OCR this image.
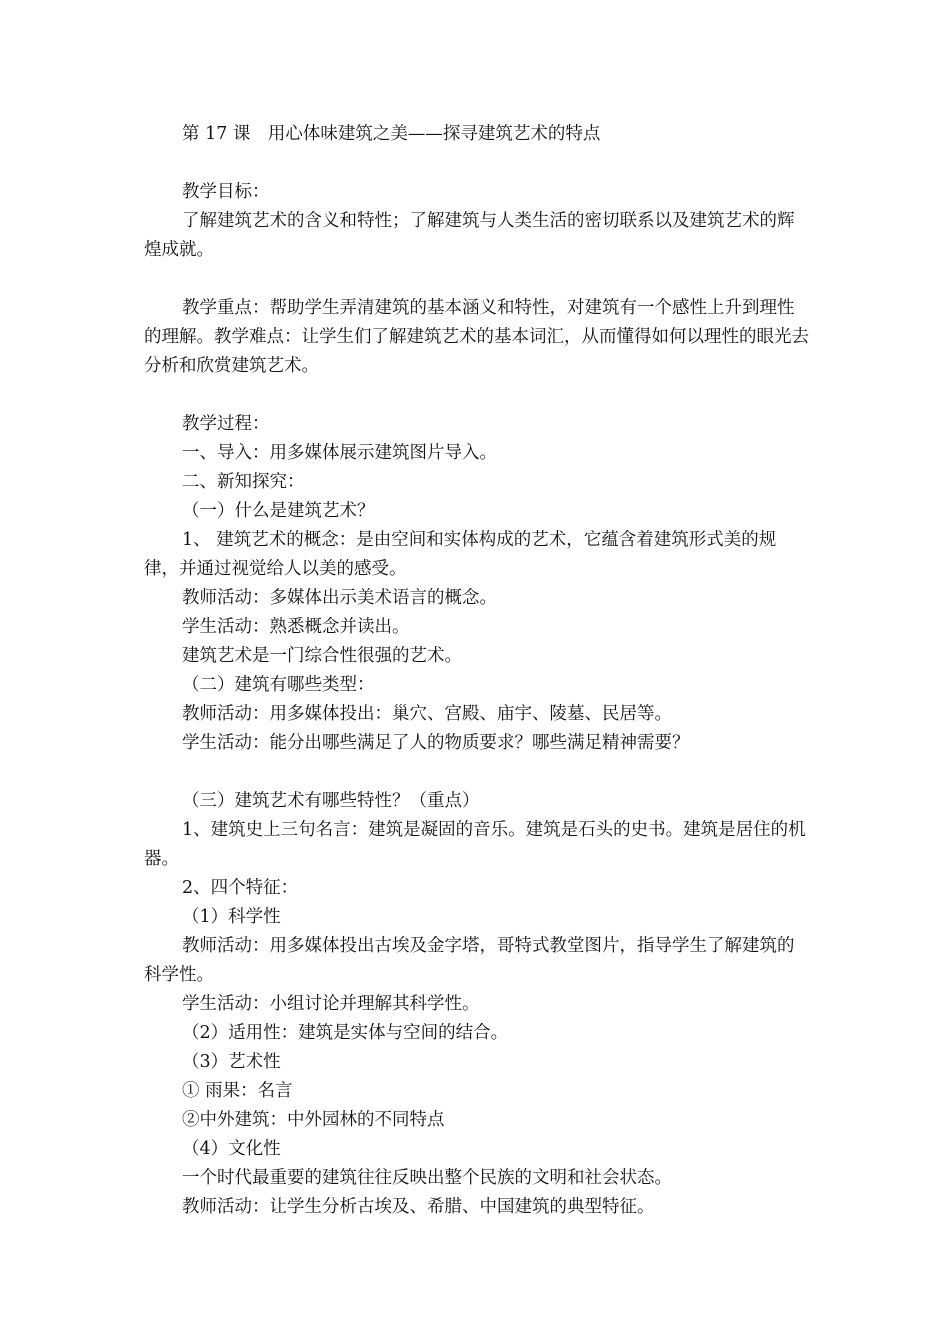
第 17 课　用心体味建筑之美——探寻建筑艺术的特点

教学目标：

了解建筑艺术的含义和特性；了解建筑与人类生活的密切联系以及建筑艺术的辉煌成就。

教学重点：帮助学生弄清建筑的基本涵义和特性，对建筑有一个感性上升到理性的理解。教学难点：让学生们了解建筑艺术的基本词汇，从而懂得如何以理性的眼光去分析和欣赏建筑艺术。

教学过程：

一、导入：用多媒体展示建筑图片导入。

二、新知探究：

（一）什么是建筑艺术？

1、 建筑艺术的概念：是由空间和实体构成的艺术，它蕴含着建筑形式美的规律，并通过视觉给人以美的感受。

教师活动：多媒体出示美术语言的概念。

学生活动：熟悉概念并读出。

建筑艺术是一门综合性很强的艺术。

（二）建筑有哪些类型：

教师活动：用多媒体投出：巢穴、宫殿、庙宇、陵墓、民居等。

学生活动：能分出哪些满足了人的物质要求？哪些满足精神需要？

（三）建筑艺术有哪些特性？（重点）

1、建筑史上三句名言：建筑是凝固的音乐。建筑是石头的史书。建筑是居住的机器。

2、四个特征：

（1）科学性

教师活动：用多媒体投出古埃及金字塔，哥特式教堂图片，指导学生了解建筑的科学性。

学生活动：小组讨论并理解其科学性。

（2）适用性：建筑是实体与空间的结合。

（3）艺术性

① 雨果：名言

②中外建筑：中外园林的不同特点

（4）文化性

一个时代最重要的建筑往往反映出整个民族的文明和社会状态。

教师活动：让学生分析古埃及、希腊、中国建筑的典型特征。
